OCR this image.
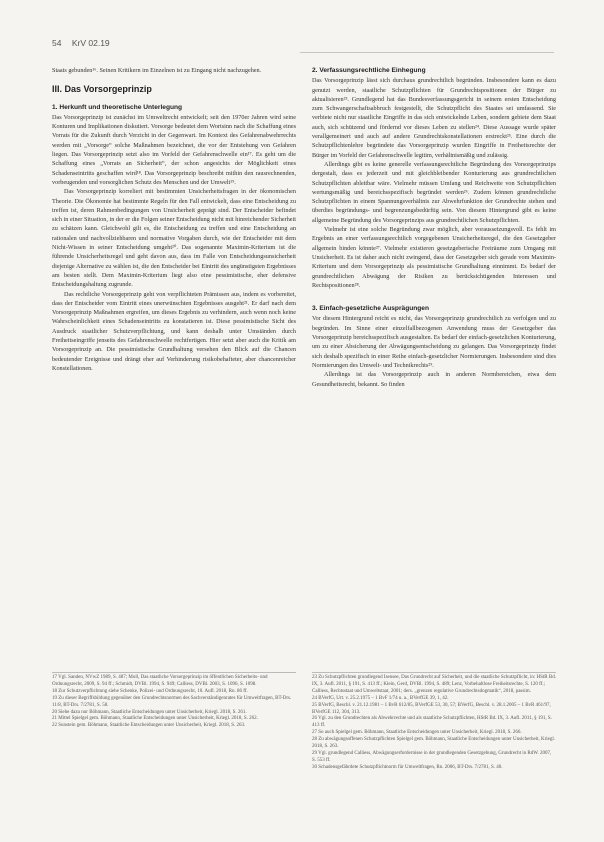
54 KrV 02.19

Staats gebunden¹⁶. Seinen Kritikern im Einzelnen ist zu Eingang nicht nachzugehen.

III. Das Vorsorgeprinzip
1. Herkunft und theoretische Unterlegung

Das Vorsorgeprinzip ist zunächst im Umweltrecht entwickelt; seit den 1970er Jahren wird seine Konturen und Implikationen diskutiert. Vorsorge bedeutet dem Wortsinn nach die Schaffung eines Vorrats für die Zukunft durch Verzicht in der Gegenwart. Im Kontext des Gefahrenabwehrrechts werden mit „Vorsorge“ solche Maßnahmen bezeichnet, die vor der Entstehung von Gefahren liegen. Das Vorsorgeprinzip setzt also im Vorfeld der Gefahrenschwelle ein¹⁷. Es geht um die Schaffung eines „Vorrats an Sicherheit“, der schon angesichts der Möglichkeit eines Schadenseintritts geschaffen wird¹⁸. Das Vorsorgeprinzip beschreibt mithin den rausrechnenden, vorbeugenden und vorsorglichen Schutz des Menschen und der Umwelt¹⁹.

Das Vorsorgeprinzip korreliert mit bestimmten Unsicherheitsfragen in der ökonomischen Theorie. Die Ökonomie hat bestimmte Regeln für den Fall entwickelt, dass eine Entscheidung zu treffen ist, deren Rahmenbedingungen von Unsicherheit geprägt sind. Der Entscheider befindet sich in einer Situation, in der er die Folgen seiner Entscheidung nicht mit hinreichender Sicherheit zu schätzen kann. Gleichwohl gilt es, die Entscheidung zu treffen und eine Entscheidung an rationalen und nachvollziehbaren und normative Vorgaben durch, wie der Entscheider mit dem Nicht-Wissen in seiner Entscheidung umgeht²⁰. Das sogenannte Maximin-Kriterium ist die führende Unsicherheitsregel und geht davon aus, dass im Falle von Entscheidungsunsicherheit diejenige Alternative zu wählen ist, die den Entscheider bei Eintritt des ungünstigsten Ergebnisses am besten stellt. Dem Maximin-Kriterium liegt also eine pessimistische, eher defensive Entscheidungshaltung zugrunde.

Das rechtliche Vorsorgeprinzip geht von verpflichteten Prämissen aus, indem es vorbereitet, dass der Entscheider vom Eintritt eines unerwünschten Ergebnisses ausgeht²¹. Er darf nach dem Vorsorgeprinzip Maßnahmen ergreifen, um dieses Ergebnis zu verhindern, auch wenn noch keine Wahrscheinlichkeit eines Schadenseintritts zu konstatieren ist. Diese pessimistische Sicht des Ausdruck staatlicher Schutzverpflichtung, und kann deshalb unter Umständen durch Freiheitseingriffe jenseits des Gefahrenschwelle rechtfertigen. Hier setzt aber auch die Kritik am Vorsorgeprinzip an. Die pessimistische Grundhaltung versehen den Blick auf die Chancen bedeutender Ereignisse und drängt eher auf Verhinderung risikobehafteter, aber chancenreicher Konstellationen.

2. Verfassungsrechtliche Einhegung

Das Vorsorgeprinzip lässt sich durchaus grundrechtlich begründen. Insbesondere kann es dazu genutzt werden, staatliche Schutzpflichten für Grundrechtspositionen der Bürger zu aktualisieren²³. Grundlegend hat das Bundesverfassungsgericht in seinem ersten Entscheidung zum Schwangerschaftsabbruch festgestellt, die Schutzpflicht des Staates sei umfassend. Sie verbiete nicht nur staatliche Eingriffe in das sich entwickelnde Leben, sondern gebiete dem Staat auch, sich schützend und fördernd vor dieses Leben zu stellen²⁴. Diese Aussage wurde später verallgemeinert und auch auf andere Grundrechtskonstellationen erstreckt²⁵. Eine durch die Schutzpflichtenlehre begründete das Vorsorgeprinzip wurden Eingriffe in Freiheitsrechte der Bürger im Vorfeld der Gefahrenschwelle legitim, verhältnismäßig und zulässig.

Allerdings gibt es keine generelle verfassungsrechtliche Begründung des Vorsorgeprinzips dergestalt, dass es jederzeit und mit gleichbleibender Konturierung aus grundrechtlichen Schutzpflichten ableitbar wäre. Vielmehr müssen Umfang und Reichweite von Schutzpflichten wertungsmäßig und bereichsspezifisch begründet werden²⁶. Zudem können grundrechtliche Schutzpflichten in einem Spannungsverhältnis zur Abwehrfunktion der Grundrechte stehen und überdies begründungs- und begrenzungsbedürftig sein. Von diesem Hintergrund gibt es keine allgemeine Begründung des Vorsorgeprinzips aus grundrechtlichen Schutzpflichten.

Vielmehr ist eine solche Begründung zwar möglich, aber voraussetzungsvoll. Es fehlt im Ergebnis an einer verfassungsrechtlich vorgegebenen Unsicherheitsregel, die den Gesetzgeber allgemein binden könnte²⁷. Vielmehr existieren gesetzgeberische Freiräume zum Umgang mit Unsicherheit. Es ist daher auch nicht zwingend, dass der Gesetzgeber sich gerade vom Maximin-Kriterium und dem Vorsorgeprinzip als pessimistische Grundhaltung einnimmt. Es bedarf der grundrechtlichen Abwägung der Risiken zu berücksichtigenden Interessen und Rechtspositionen²⁸.

3. Einfach-gesetzliche Ausprägungen

Vor diesem Hintergrund reicht es nicht, das Vorsorgeprinzip grundrechtlich zu verfolgen und zu begründen. Im Sinne einer einzelfallbezogenen Anwendung muss der Gesetzgeber das Vorsorgeprinzip bereichsspezifisch ausgestalten. Es bedarf der einfach-gesetzlichen Konturierung, um zu einer Absicherung der Abwägungsentscheidung zu gelangen. Das Vorsorgeprinzip findet sich deshalb spezifisch in einer Reihe einfach-gesetzlicher Normierungen. Insbesondere sind dies Normierungen des Umwelt- und Technikrechts²⁹.

Allerdings ist das Vorsorgeprinzip auch in anderen Normbereichen, etwa dem Gesundheitsrecht, bekannt. So finden

17 Vgl. Sanden, NVwZ 1989, S. 487; Moll, Das staatliche Vorsorgeprinzip im öffentlichen Sicherheits- und Ordnungsrecht, 2009, S. 94 ff.; Schmidt, DVBl. 1994, S. 949; Calliess, DVBl. 2003, S. 1096, S. 1098.

18 Zur Schutzverpflichtung siehe Schenke, Polizei- und Ordnungsrecht, 10. Aufl. 2018, Rn. 86 ff.

19 Zu dieser Begriffsbildung gegenüber den Grundrechtsnormen des Sachverständigenrates für Umweltfragen, BT-Drs. 11/8, BT-Drs. 7/2781, S. 58.

20 Siehe dazu nur Böhmann, Staatliche Entscheidungen unter Unsicherheit, Kriegl. 2018, S. 261.

21 Mittel Spielgel gem. Böhmann, Staatliche Entscheidungen unter Unsicherheit, Kriegl. 2018, S. 262.

22 Sunstein gem. Böhmann, Staatliche Entscheidungen unter Unsicherheit, Kriegl. 2018, S. 263.

23 Zu Schutzpflichten grundlegend Isensee, Das Grundrecht auf Sicherheit, und die staatliche Schutzpflicht, in: HStR Bd. IX, 3. Aufl. 2011, § 191, S. 413 ff.; Klein, Gerd, DVBl. 1994, S. 489; Lenz, Vorbehaltlose Freiheitsrechte, S. 120 ff.; Calliess, Rechtsstaat und Umweltstaat, 2001; ders. „grenzen regulative Grundrechtsdogmatik“, 2018, passim.

24 BVerfG, Urt. v. 25.2.1975 – 1 BvF 1/74 u. a., BVerfGE 39, 1, 42.

25 BVerfG, Beschl. v. 21.12.1981 – 1 BvR 612/85, BVerfGE 53, 30, 57; BVerfG, Beschl. v. 28.1.2005 – 1 BvR 461/97, BVerfGE 112, 304, 313.

26 Vgl. zu den Grundrechten als Abwehrrechte und als staatliche Schutzpflichten, HStR Bd. IX, 3. Aufl. 2011, § 191, S. 413 ff.

27 So auch Spielgel gem. Böhmann, Staatliche Entscheidungen unter Unsicherheit, Kriegl. 2018, S. 266.

28 Zu abwägungsoffenen Schutzpflichten Spielgel gem. Böhmann, Staatliche Entscheidungen unter Unsicherheit, Kriegl. 2018, S. 263.

29 Vgl. grundlegend Calliess, Abwägungserfordernisse in der grundlegenden Gesetzgebung, Grundrecht in RdW. 2007, S. 553 ff.

30 Schadensgefährdete Schutzpflichtnorm für Umweltfragen, Rn. 2006, BT-Drs. 7/2781, S. 40.
